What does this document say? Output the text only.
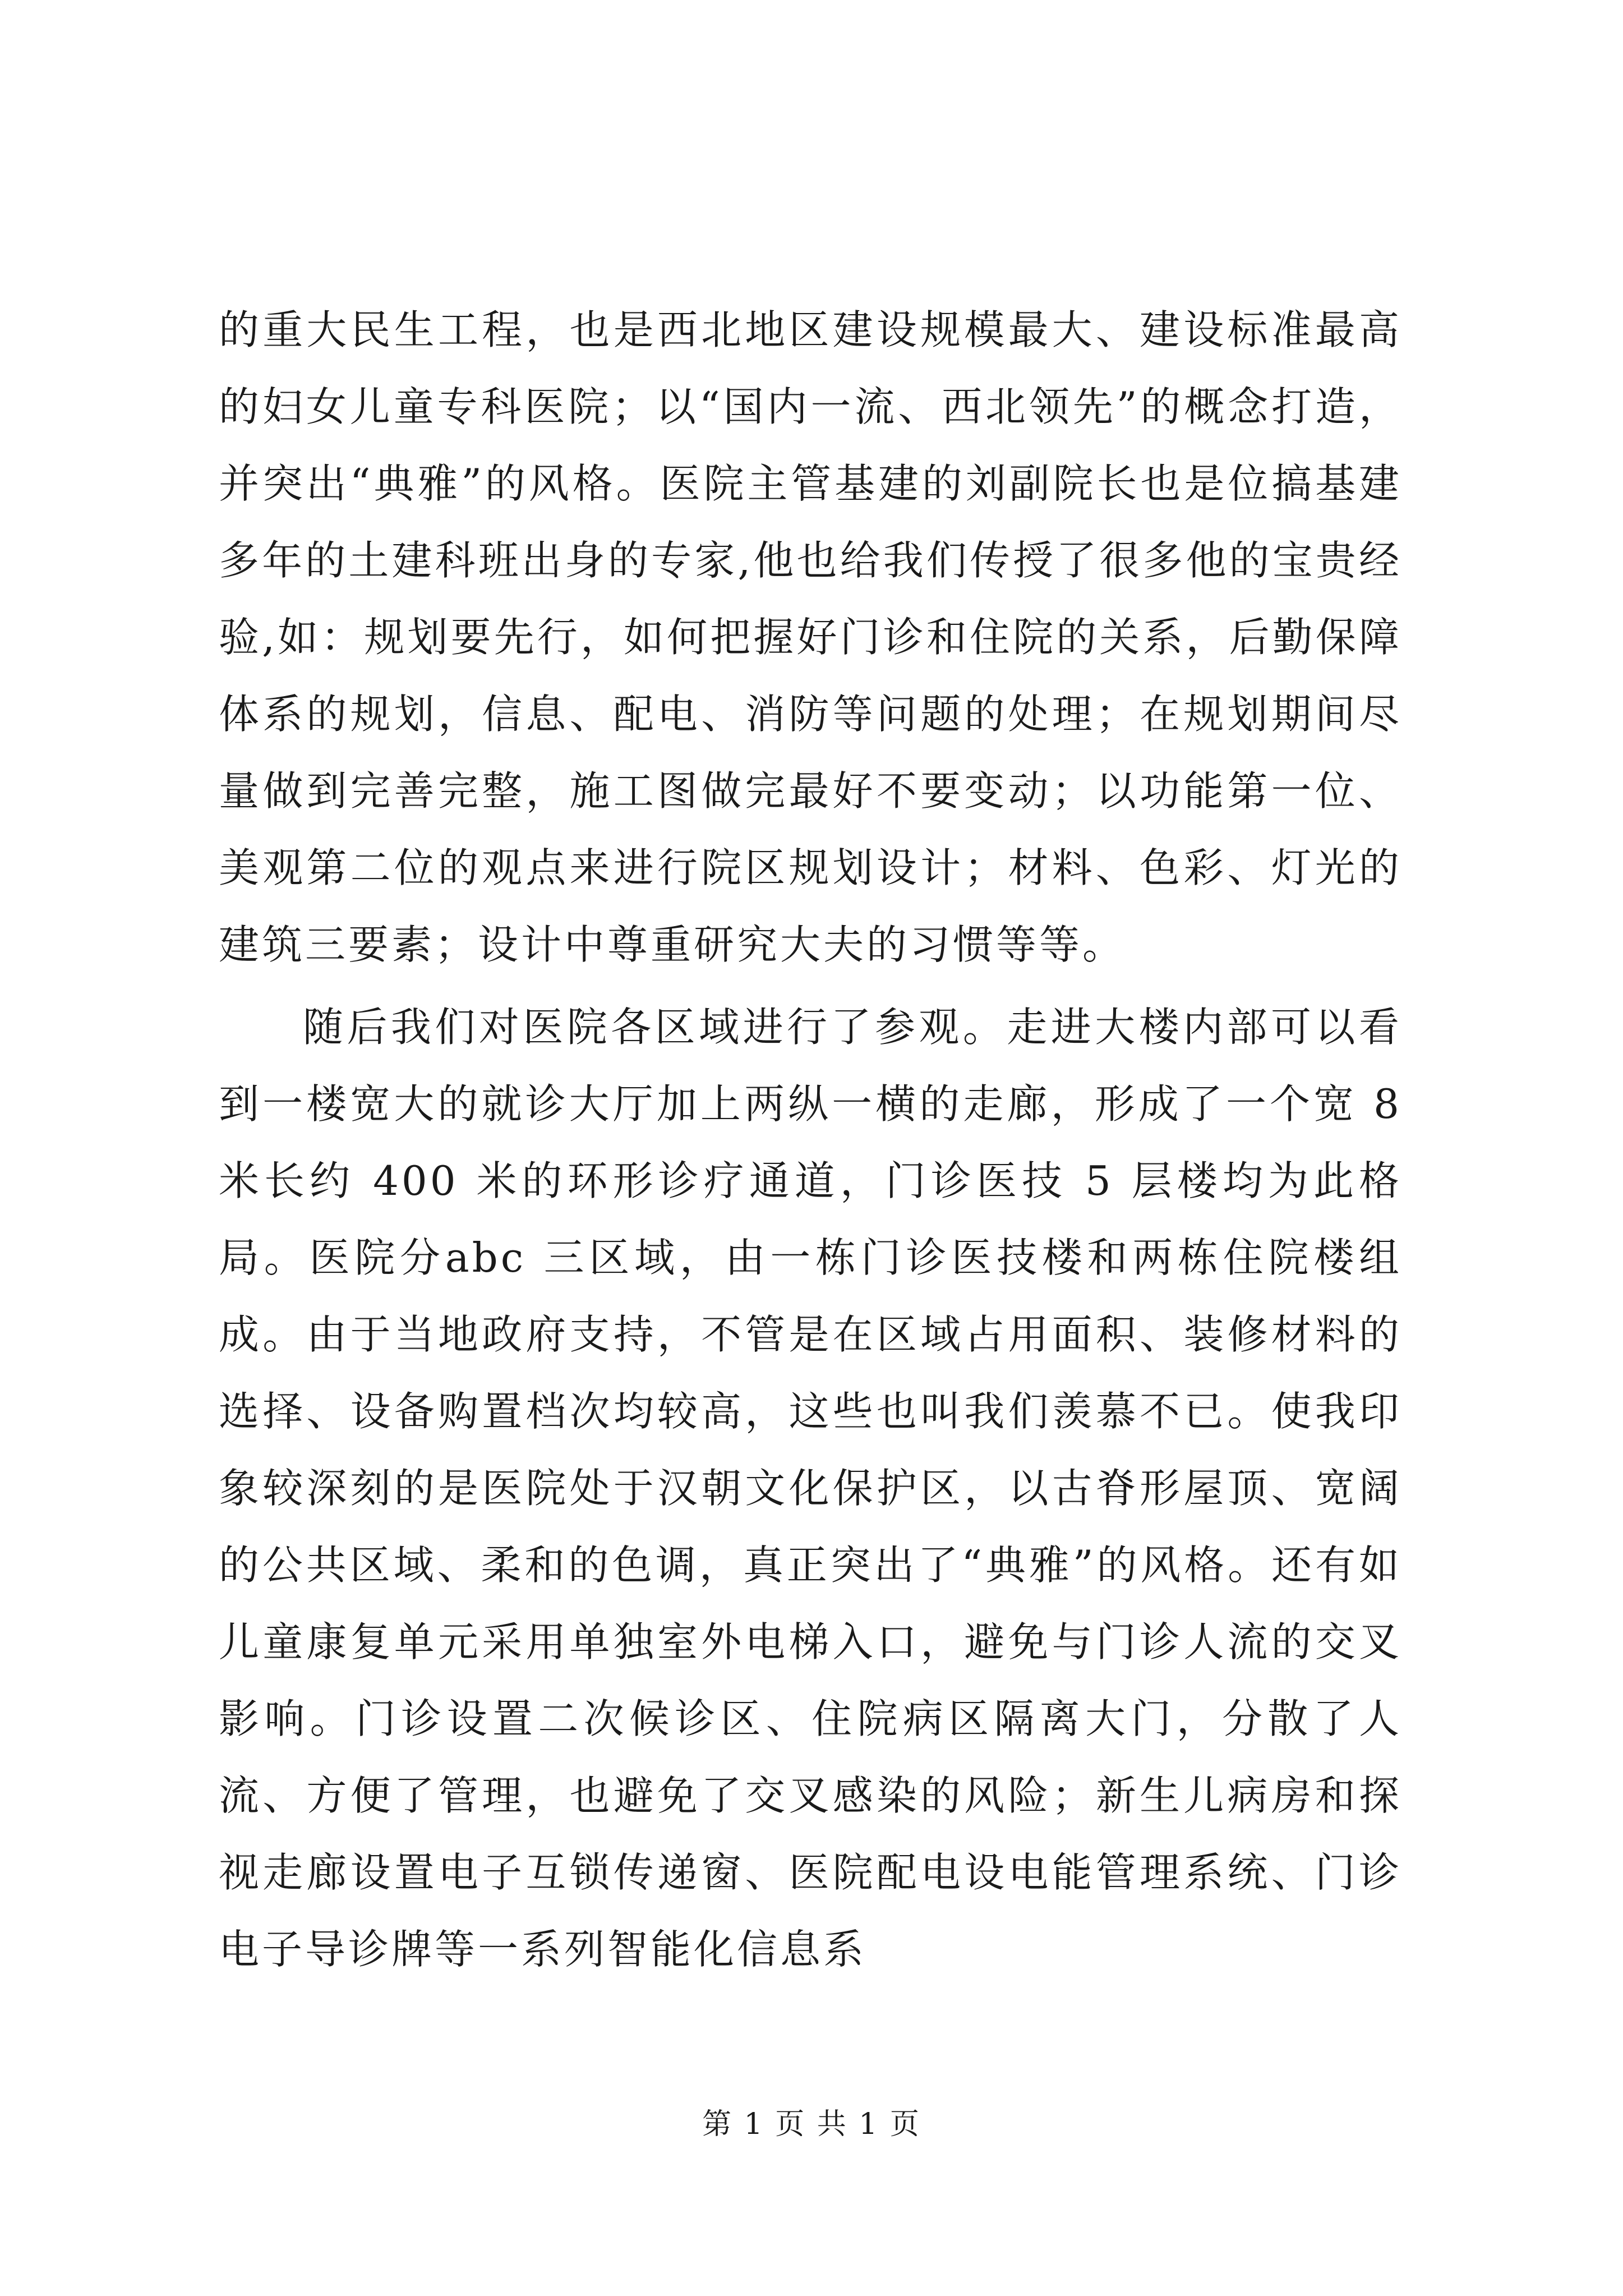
的重大民生工程，也是西北地区建设规模最大、建设标准最高的妇女儿童专科医院；以“国内一流、西北领先”的概念打造，并突出“典雅”的风格。医院主管基建的刘副院长也是位搞基建多年的土建科班出身的专家,他也给我们传授了很多他的宝贵经验,如：规划要先行，如何把握好门诊和住院的关系，后勤保障体系的规划，信息、配电、消防等问题的处理；在规划期间尽量做到完善完整，施工图做完最好不要变动；以功能第一位、美观第二位的观点来进行院区规划设计；材料、色彩、灯光的建筑三要素；设计中尊重研究大夫的习惯等等。

随后我们对医院各区域进行了参观。走进大楼内部可以看到一楼宽大的就诊大厅加上两纵一横的走廊，形成了一个宽 8 米长约 400 米的环形诊疗通道，门诊医技 5 层楼均为此格局。医院分abc 三区域，由一栋门诊医技楼和两栋住院楼组成。由于当地政府支持，不管是在区域占用面积、装修材料的选择、设备购置档次均较高，这些也叫我们羡慕不已。使我印象较深刻的是医院处于汉朝文化保护区，以古脊形屋顶、宽阔的公共区域、柔和的色调，真正突出了“典雅”的风格。还有如儿童康复单元采用单独室外电梯入口，避免与门诊人流的交叉影响。门诊设置二次候诊区、住院病区隔离大门，分散了人流、方便了管理，也避免了交叉感染的风险；新生儿病房和探视走廊设置电子互锁传递窗、医院配电设电能管理系统、门诊电子导诊牌等一系列智能化信息系

第 1 页 共 1 页
